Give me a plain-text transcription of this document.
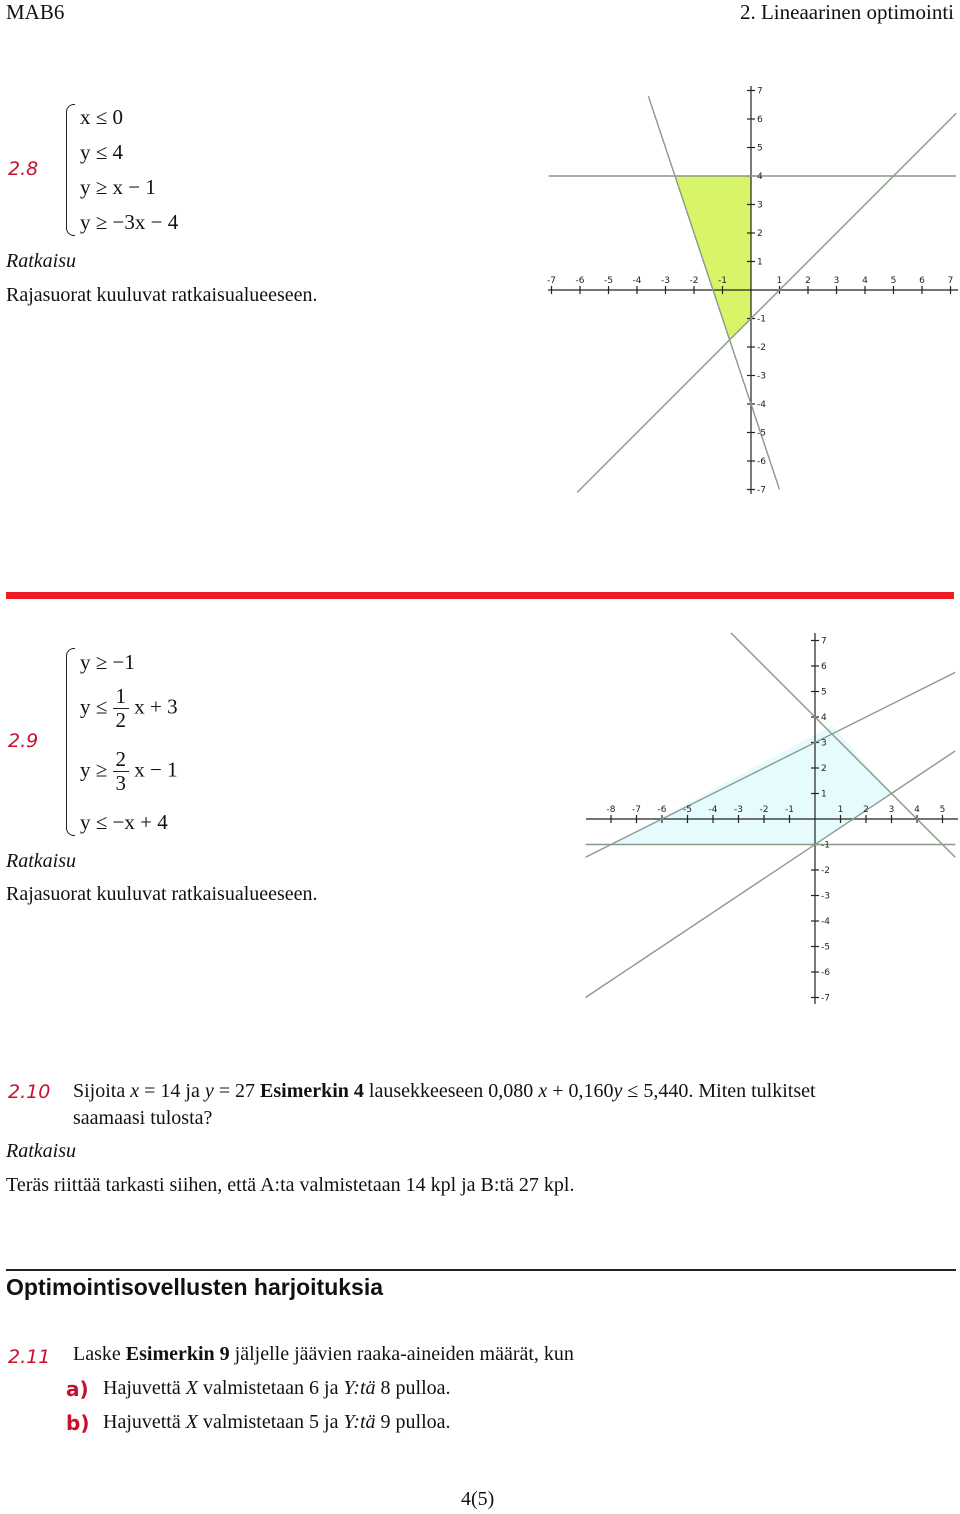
MAB6	2. Lineaarinen optimointi
2.8
x ≤ 0
y ≤ 4
y ≥ x − 1
y ≥ −3x − 4
Ratkaisu
Rajasuorat kuuluvat ratkaisualueeseen.
-7 -6 -5 -4 -3 -2 -1	1	2	3	4	5	6	7
7
6
5
4
3
2
1
-1
-2
-3
-4
-5
-6
-7
2.9
y ≥ −1
$y \le \frac{1}{2}$ x + 3
$y \ge \frac{2}{3}$ x − 1
y ≤ −x + 4
Ratkaisu
Rajasuorat kuuluvat ratkaisualueeseen.
-8 -7 -6 -5 -4 -3 -2 -1	1 2 3 4 5
7
6
5
4
3
2
1
-1
-2
-3
-4
-5
-6
-7
2.10 Sijoita x = 14 ja y = 27 Esimerkin 4 lausekkeeseen 0,080 x + 0,160y ≤ 5,440. Miten tulkitset
saamaasi tulosta?
Ratkaisu
Teräs riittää tarkasti siihen, että A:ta valmistetaan 14 kpl ja B:tä 27 kpl.
Optimointisovellusten harjoituksia
2.11 Laske Esimerkin 9 jäljelle jäävien raaka-aineiden määrät, kun
a) Hajuvettä X valmistetaan 6 ja Y:tä 8 pulloa.
b) Hajuvettä X valmistetaan 5 ja Y:tä 9 pulloa.
4(5)
